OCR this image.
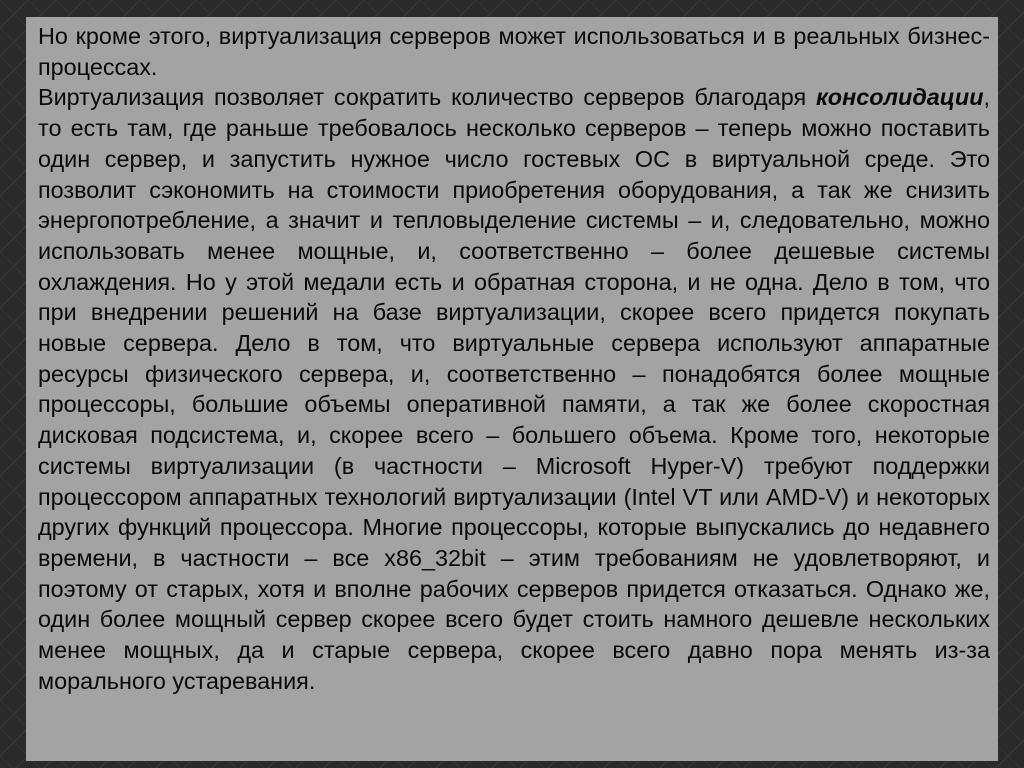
Но кроме этого, виртуализация серверов может использоваться и в реальных бизнес-процессах.

Виртуализация позволяет сократить количество серверов благодаря консолидации, то есть там, где раньше требовалось несколько серверов – теперь можно поставить один сервер, и запустить нужное число гостевых ОС в виртуальной среде. Это позволит сэкономить на стоимости приобретения оборудования, а так же снизить энергопотребление, а значит и тепловыделение системы – и, следовательно, можно использовать менее мощные, и, соответственно – более дешевые системы охлаждения. Но у этой медали есть и обратная сторона, и не одна. Дело в том, что при внедрении решений на базе виртуализации, скорее всего придется покупать новые сервера. Дело в том, что виртуальные сервера используют аппаратные ресурсы физического сервера, и, соответственно – понадобятся более мощные процессоры, большие объемы оперативной памяти, а так же более скоростная дисковая подсистема, и, скорее всего – большего объема. Кроме того, некоторые системы виртуализации (в частности – Microsoft Hyper-V) требуют поддержки процессором аппаратных технологий виртуализации (Intel VT или AMD-V) и некоторых других функций процессора. Многие процессоры, которые выпускались до недавнего времени, в частности – все x86_32bit – этим требованиям не удовлетворяют, и поэтому от старых, хотя и вполне рабочих серверов придется отказаться. Однако же, один более мощный сервер скорее всего будет стоить намного дешевле нескольких менее мощных, да и старые сервера, скорее всего давно пора менять из-за морального устаревания.
